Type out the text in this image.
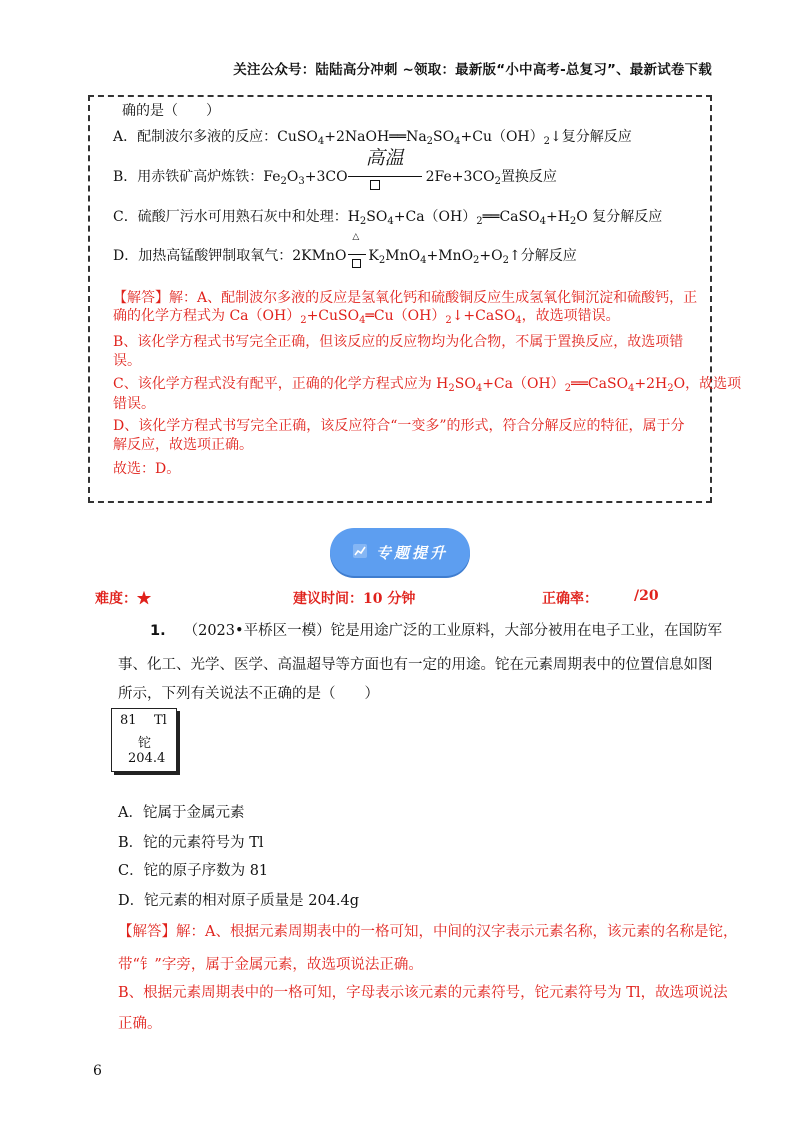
关注公众号：陆陆高分冲刺 ~领取：最新版“小中高考-总复习”、最新试卷下载
确的是（　　）
A．配制波尔多液的反应：$CuSO_4+2NaOH══Na_2SO_4+Cu(OH)_2↓$复分解反应
B．用赤铁矿高炉炼铁：$Fe_2O_3+3CO$
高温
$2Fe+3CO_2$置换反应
C．硫酸厂污水可用熟石灰中和处理：$H_2SO_4+Ca(OH)_2══CaSO_4+H_2O$ 复分解反应
D．加热高锰酸钾制取氧气：2KMnO
△
$K_2MnO_4+MnO_2+O_2↑$分解反应
【解答】解：A、配制波尔多液的反应是氢氧化钙和硫酸铜反应生成氢氧化铜沉淀和硫酸钙，正
确的化学方程式为 $Ca(OH)_2+CuSO_4═Cu(OH)_2↓+CaSO_4$，故选项错误。
B、该化学方程式书写完全正确，但该反应的反应物均为化合物，不属于置换反应，故选项错
误。
C、该化学方程式没有配平，正确的化学方程式应为 $H_2SO_4+Ca(OH)_2══CaSO_4+2H_2O$，故选项
错误。
D、该化学方程式书写完全正确，该反应符合“一变多”的形式，符合分解反应的特征，属于分
解反应，故选项正确。
故选：D。
专题提升
难度：★	建议时间：10 分钟	正确率：	/20
1. （2023•平桥区一模）铊是用途广泛的工业原料，大部分被用在电子工业，在国防军
事、化工、光学、医学、高温超导等方面也有一定的用途。铊在元素周期表中的位置信息如图
所示，下列有关说法不正确的是（　　）
81 Tl
铊
204.4
A．铊属于金属元素
B．铊的元素符号为 Tl
C．铊的原子序数为 81
D．铊元素的相对原子质量是 204.4g
【解答】解：A、根据元素周期表中的一格可知，中间的汉字表示元素名称，该元素的名称是铊，
带“钅”字旁，属于金属元素，故选项说法正确。
B、根据元素周期表中的一格可知，字母表示该元素的元素符号，铊元素符号为 Tl，故选项说法
正确。
6
